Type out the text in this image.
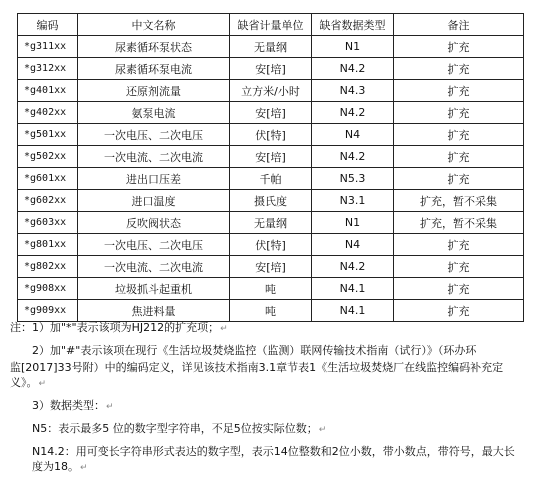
编码	中文名称	缺省计量单位	缺省数据类型	备注
*g311xx	尿素循环泵状态	无量纲	N1	扩充
*g312xx	尿素循环泵电流	安[培]	N4.2	扩充
*g401xx	还原剂流量	立方米/小时	N4.3	扩充
*g402xx	氨泵电流	安[培]	N4.2	扩充
*g501xx	一次电压、二次电压	伏[特]	N4	扩充
*g502xx	一次电流、二次电流	安[培]	N4.2	扩充
*g601xx	进出口压差	千帕	N5.3	扩充
*g602xx	进口温度	摄氏度	N3.1	扩充，暂不采集
*g603xx	反吹阀状态	无量纲	N1	扩充，暂不采集
*g801xx	一次电压、二次电压	伏[特]	N4	扩充
*g802xx	一次电流、二次电流	安[培]	N4.2	扩充
*g908xx	垃圾抓斗起重机	吨	N4.1	扩充
*g909xx	焦进料量	吨	N4.1	扩充

注：1）加"*"表示该项为HJ212的扩充项；↵

2）加"#"表示该项在现行《生活垃圾焚烧监控（监测）联网传输技术指南（试行）》（环办环

监[2017]33号附）中的编码定义，详见该技术指南3.1章节表1《生活垃圾焚烧厂在线监控编码补充定义》。↵

3）数据类型：↵

N5：表示最多5 位的数字型字符串，不足5位按实际位数；↵

N14.2：用可变长字符串形式表达的数字型，表示14位整数和2位小数，带小数点，带符号，最大长度为18。↵
